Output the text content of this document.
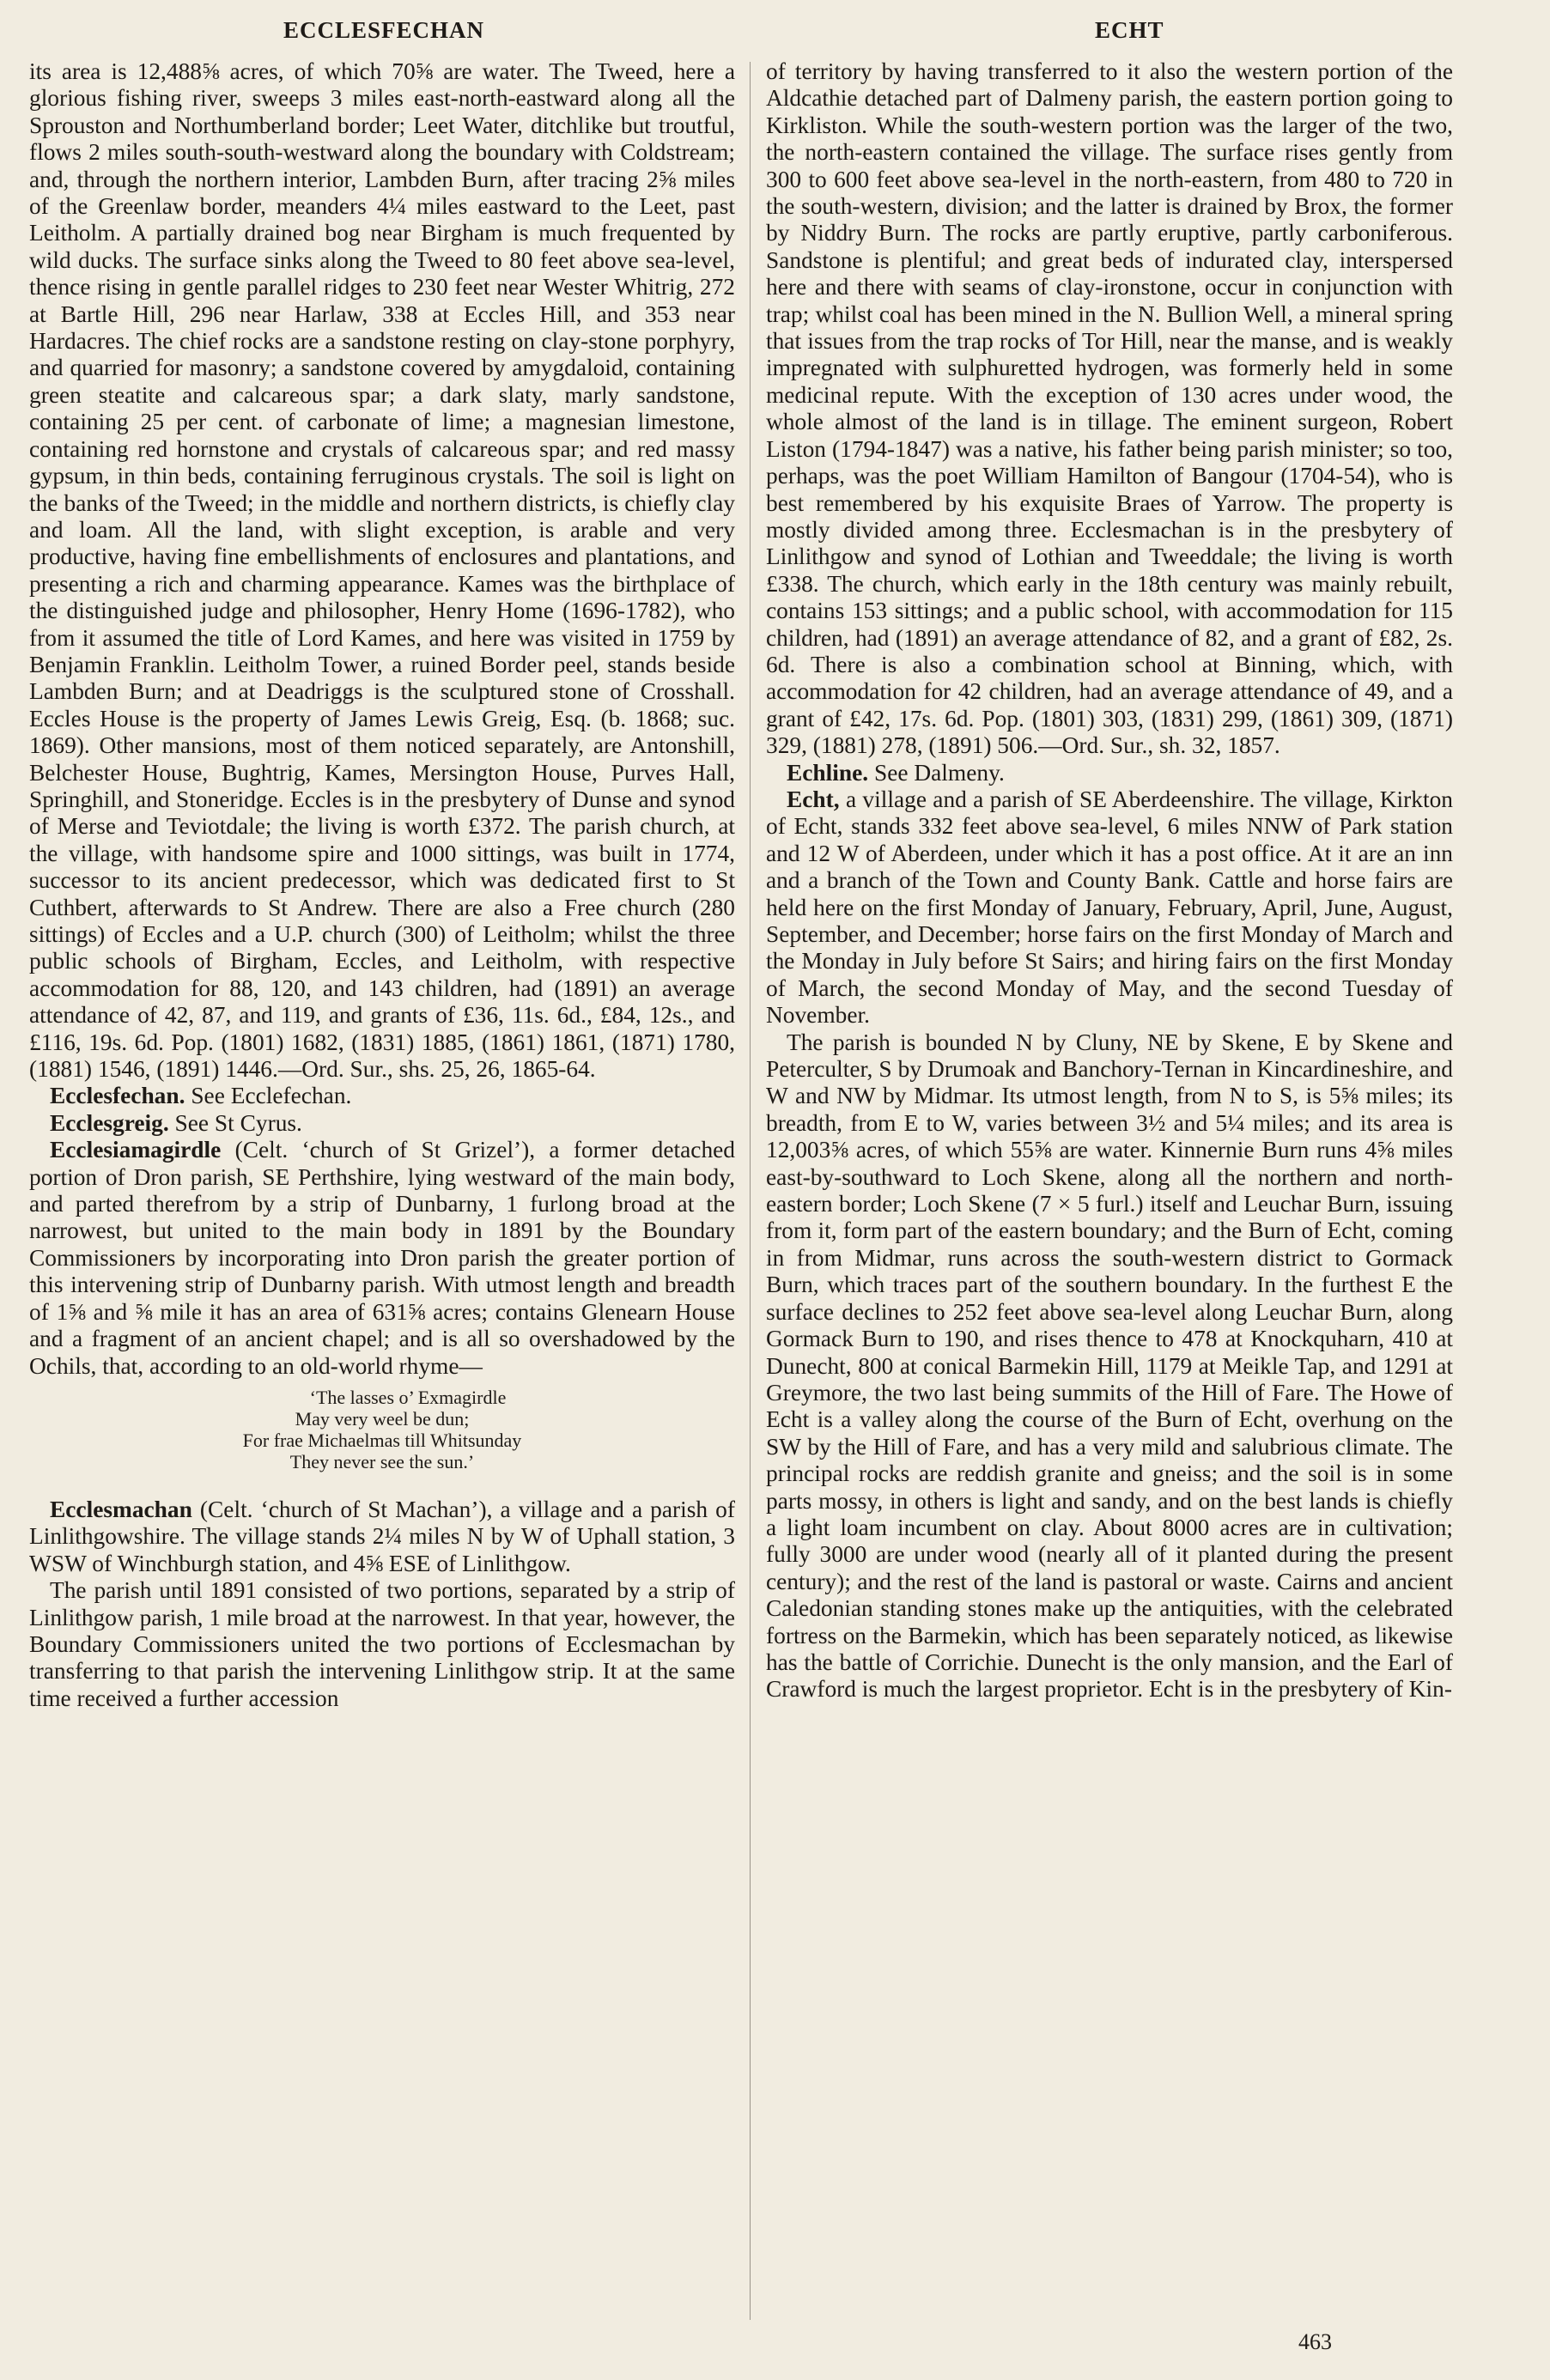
ECCLESFECHAN	ECHT

its area is 12,488⅝ acres, of which 70⅝ are water. The Tweed, here a glorious fishing river, sweeps 3 miles east-north-eastward along all the Sprouston and Northumberland border; Leet Water, ditchlike but troutful, flows 2 miles south-south-westward along the boundary with Coldstream; and, through the northern interior, Lambden Burn, after tracing 2⅝ miles of the Greenlaw border, meanders 4¼ miles eastward to the Leet, past Leitholm. A partially drained bog near Birgham is much frequented by wild ducks. The surface sinks along the Tweed to 80 feet above sea-level, thence rising in gentle parallel ridges to 230 feet near Wester Whitrig, 272 at Bartle Hill, 296 near Harlaw, 338 at Eccles Hill, and 353 near Hardacres. The chief rocks are a sandstone resting on clay-stone porphyry, and quarried for masonry; a sandstone covered by amygdaloid, containing green steatite and calcareous spar; a dark slaty, marly sandstone, containing 25 per cent. of carbonate of lime; a magnesian limestone, containing red hornstone and crystals of calcareous spar; and red massy gypsum, in thin beds, containing ferruginous crystals. The soil is light on the banks of the Tweed; in the middle and northern districts, is chiefly clay and loam. All the land, with slight exception, is arable and very productive, having fine embellishments of enclosures and plantations, and presenting a rich and charming appearance. Kames was the birthplace of the distinguished judge and philosopher, Henry Home (1696-1782), who from it assumed the title of Lord Kames, and here was visited in 1759 by Benjamin Franklin. Leitholm Tower, a ruined Border peel, stands beside Lambden Burn; and at Deadriggs is the sculptured stone of Crosshall. Eccles House is the property of James Lewis Greig, Esq. (b. 1868; suc. 1869). Other mansions, most of them noticed separately, are Antonshill, Belchester House, Bughtrig, Kames, Mersington House, Purves Hall, Springhill, and Stoneridge. Eccles is in the presbytery of Dunse and synod of Merse and Teviotdale; the living is worth £372. The parish church, at the village, with handsome spire and 1000 sittings, was built in 1774, successor to its ancient predecessor, which was dedicated first to St Cuthbert, afterwards to St Andrew. There are also a Free church (280 sittings) of Eccles and a U.P. church (300) of Leitholm; whilst the three public schools of Birgham, Eccles, and Leitholm, with respective accommodation for 88, 120, and 143 children, had (1891) an average attendance of 42, 87, and 119, and grants of £36, 11s. 6d., £84, 12s., and £116, 19s. 6d. Pop. (1801) 1682, (1831) 1885, (1861) 1861, (1871) 1780, (1881) 1546, (1891) 1446.—Ord. Sur., shs. 25, 26, 1865-64.

Ecclesfechan. See Ecclefechan.

Ecclesgreig. See St Cyrus.

Ecclesiamagirdle (Celt. ‘church of St Grizel’), a former detached portion of Dron parish, SE Perthshire, lying westward of the main body, and parted therefrom by a strip of Dunbarny, 1 furlong broad at the narrowest, but united to the main body in 1891 by the Boundary Commissioners by incorporating into Dron parish the greater portion of this intervening strip of Dunbarny parish. With utmost length and breadth of 1⅝ and ⅝ mile it has an area of 631⅝ acres; contains Glenearn House and a fragment of an ancient chapel; and is all so overshadowed by the Ochils, that, according to an old-world rhyme—

‘The lasses o’ Exmagirdle
May very weel be dun;
For frae Michaelmas till Whitsunday
They never see the sun.’

Ecclesmachan (Celt. ‘church of St Machan’), a village and a parish of Linlithgowshire. The village stands 2¼ miles N by W of Uphall station, 3 WSW of Winchburgh station, and 4⅝ ESE of Linlithgow.

The parish until 1891 consisted of two portions, separated by a strip of Linlithgow parish, 1 mile broad at the narrowest. In that year, however, the Boundary Commissioners united the two portions of Ecclesmachan by transferring to that parish the intervening Linlithgow strip. It at the same time received a further accession

of territory by having transferred to it also the western portion of the Aldcathie detached part of Dalmeny parish, the eastern portion going to Kirkliston. While the south-western portion was the larger of the two, the north-eastern contained the village. The surface rises gently from 300 to 600 feet above sea-level in the north-eastern, from 480 to 720 in the south-western, division; and the latter is drained by Brox, the former by Niddry Burn. The rocks are partly eruptive, partly carboniferous. Sandstone is plentiful; and great beds of indurated clay, interspersed here and there with seams of clay-ironstone, occur in conjunction with trap; whilst coal has been mined in the N. Bullion Well, a mineral spring that issues from the trap rocks of Tor Hill, near the manse, and is weakly impregnated with sulphuretted hydrogen, was formerly held in some medicinal repute. With the exception of 130 acres under wood, the whole almost of the land is in tillage. The eminent surgeon, Robert Liston (1794-1847) was a native, his father being parish minister; so too, perhaps, was the poet William Hamilton of Bangour (1704-54), who is best remembered by his exquisite Braes of Yarrow. The property is mostly divided among three. Ecclesmachan is in the presbytery of Linlithgow and synod of Lothian and Tweeddale; the living is worth £338. The church, which early in the 18th century was mainly rebuilt, contains 153 sittings; and a public school, with accommodation for 115 children, had (1891) an average attendance of 82, and a grant of £82, 2s. 6d. There is also a combination school at Binning, which, with accommodation for 42 children, had an average attendance of 49, and a grant of £42, 17s. 6d. Pop. (1801) 303, (1831) 299, (1861) 309, (1871) 329, (1881) 278, (1891) 506.—Ord. Sur., sh. 32, 1857.

Echline. See Dalmeny.

Echt, a village and a parish of SE Aberdeenshire. The village, Kirkton of Echt, stands 332 feet above sea-level, 6 miles NNW of Park station and 12 W of Aberdeen, under which it has a post office. At it are an inn and a branch of the Town and County Bank. Cattle and horse fairs are held here on the first Monday of January, February, April, June, August, September, and December; horse fairs on the first Monday of March and the Monday in July before St Sairs; and hiring fairs on the first Monday of March, the second Monday of May, and the second Tuesday of November.

The parish is bounded N by Cluny, NE by Skene, E by Skene and Peterculter, S by Drumoak and Banchory-Ternan in Kincardineshire, and W and NW by Midmar. Its utmost length, from N to S, is 5⅝ miles; its breadth, from E to W, varies between 3½ and 5¼ miles; and its area is 12,003⅝ acres, of which 55⅝ are water. Kinnernie Burn runs 4⅝ miles east-by-southward to Loch Skene, along all the northern and north-eastern border; Loch Skene (7 × 5 furl.) itself and Leuchar Burn, issuing from it, form part of the eastern boundary; and the Burn of Echt, coming in from Midmar, runs across the south-western district to Gormack Burn, which traces part of the southern boundary. In the furthest E the surface declines to 252 feet above sea-level along Leuchar Burn, along Gormack Burn to 190, and rises thence to 478 at Knockquharn, 410 at Dunecht, 800 at conical Barmekin Hill, 1179 at Meikle Tap, and 1291 at Greymore, the two last being summits of the Hill of Fare. The Howe of Echt is a valley along the course of the Burn of Echt, overhung on the SW by the Hill of Fare, and has a very mild and salubrious climate. The principal rocks are reddish granite and gneiss; and the soil is in some parts mossy, in others is light and sandy, and on the best lands is chiefly a light loam incumbent on clay. About 8000 acres are in cultivation; fully 3000 are under wood (nearly all of it planted during the present century); and the rest of the land is pastoral or waste. Cairns and ancient Caledonian standing stones make up the antiquities, with the celebrated fortress on the Barmekin, which has been separately noticed, as likewise has the battle of Corrichie. Dunecht is the only mansion, and the Earl of Crawford is much the largest proprietor. Echt is in the presbytery of Kin-

463
